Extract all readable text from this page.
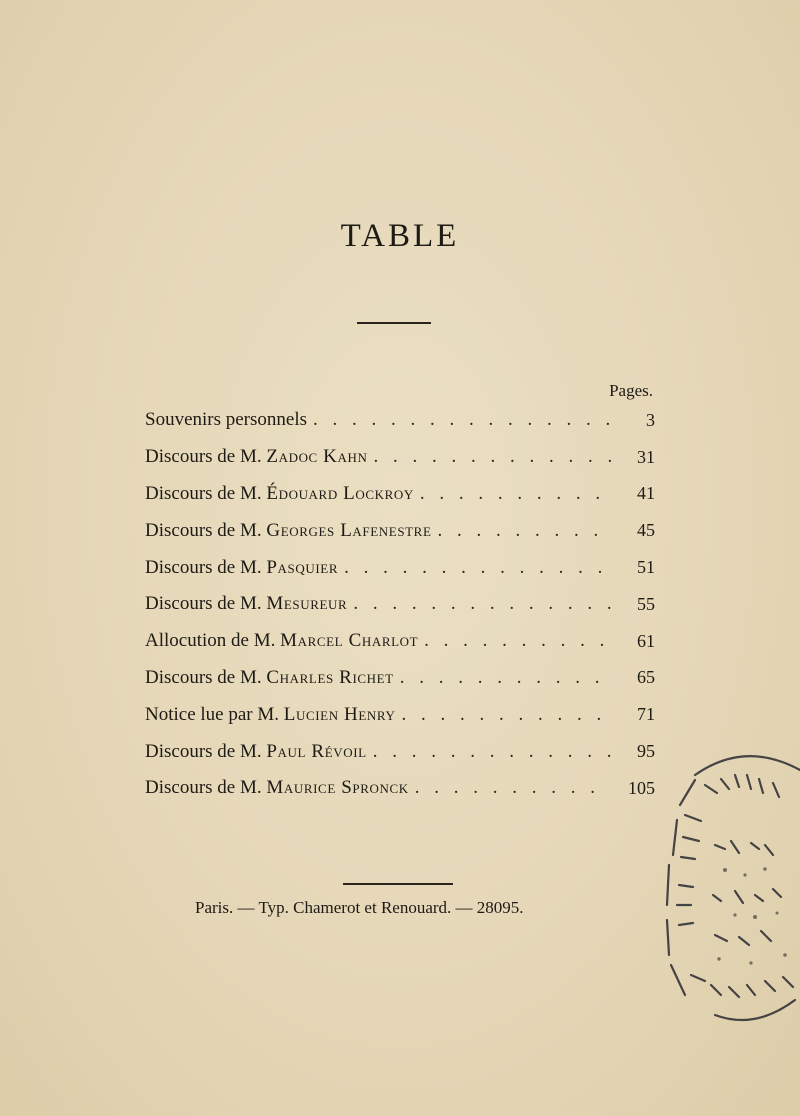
TABLE
Pages.
Souvenirs personnels . . .	3
Discours de M. Zadoc Kahn . . .	31
Discours de M. Édouard Lockroy . . .	41
Discours de M. Georges Lafenestre . . .	45
Discours de M. Pasquier . . .	51
Discours de M. Mesureur . . .	55
Allocution de M. Marcel Charlot . . .	61
Discours de M. Charles Richet . . .	65
Notice lue par M. Lucien Henry . . .	71
Discours de M. Paul Révoil . . .	95
Discours de M. Maurice Spronck . . .	105
Paris. — Typ. Chamerot et Renouard. — 28095.
